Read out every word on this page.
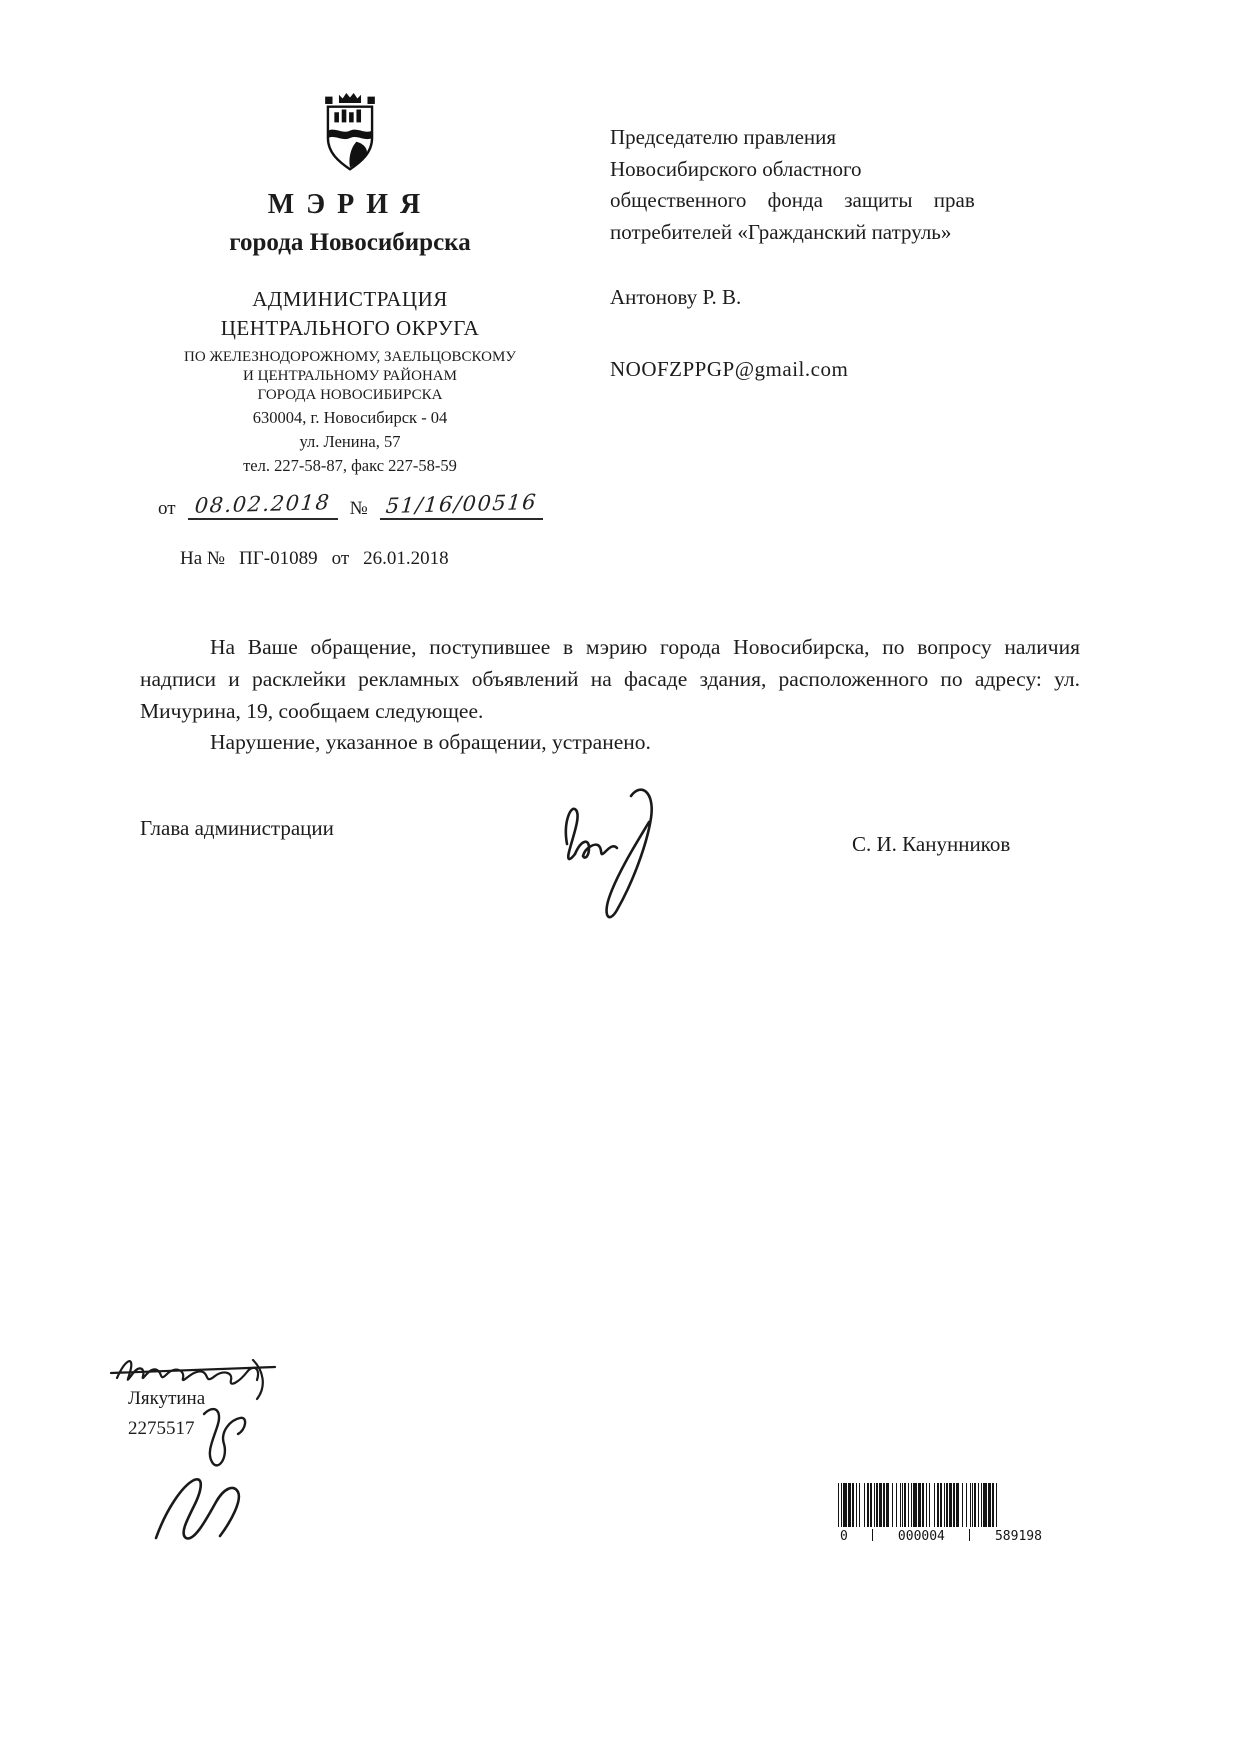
МЭРИЯ
города Новосибирска
АДМИНИСТРАЦИЯ
ЦЕНТРАЛЬНОГО ОКРУГА
ПО ЖЕЛЕЗНОДОРОЖНОМУ, ЗАЕЛЬЦОВСКОМУ
И ЦЕНТРАЛЬНОМУ РАЙОНАМ
ГОРОДА НОВОСИБИРСКА
630004, г. Новосибирск - 04
ул. Ленина, 57
тел. 227-58-87, факс 227-58-59
от 08.02.2018 № 51/16/00516
На № ПГ-01089 от 26.01.2018
Председателю правления
Новосибирского областного
общественного фонда защиты прав
потребителей «Гражданский патруль»
Антонову Р. В.
NOOFZPPGP@gmail.com

На Ваше обращение, поступившее в мэрию города Новосибирска, по вопросу наличия надписи и расклейки рекламных объявлений на фасаде здания, расположенного по адресу: ул. Мичурина, 19, сообщаем следующее.

Нарушение, указанное в обращении, устранено.

Глава администрации
С. И. Канунников
Лякутина
2275517
0	000004	589198
